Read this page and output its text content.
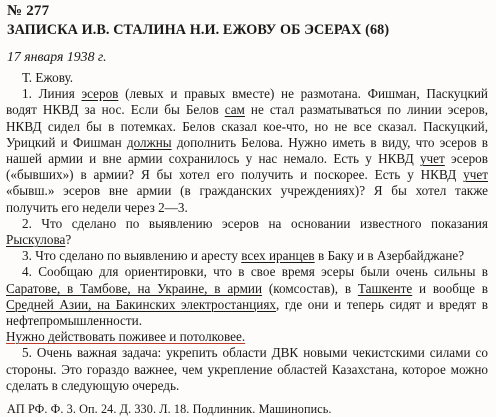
№ 277
ЗАПИСКА И.В. СТАЛИНА Н.И. ЕЖОВУ ОБ ЭСЕРАХ (68)
17 января 1938 г.
Т. Ежову.

1. Линия эсеров (левых и правых вместе) не размотана. Фишман, Паскуцкий водят НКВД за нос. Если бы Белов сам не стал разматываться по линии эсеров, НКВД сидел бы в потемках. Белов сказал кое-что, но не все сказал. Паскуцкий, Урицкий и Фишман должны дополнить Белова. Нужно иметь в виду, что эсеров в нашей армии и вне армии сохранилось у нас немало. Есть у НКВД учет эсеров («бывших») в армии? Я бы хотел его получить и поскорее. Есть у НКВД учет «бывш.» эсеров вне армии (в гражданских учреждениях)? Я бы хотел также получить его недели через 2—3.

2. Что сделано по выявлению эсеров на основании известного показания Рыскулова?

3. Что сделано по выявлению и аресту всех иранцев в Баку и в Азербайджане?

4. Сообщаю для ориентировки, что в свое время эсеры были очень сильны в Саратове, в Тамбове, на Украине, в армии (комсостав), в Ташкенте и вообще в Средней Азии, на Бакинских электростанциях, где они и теперь сидят и вредят в нефтепромышленности.

Нужно действовать поживее и потолковее.

5. Очень важная задача: укрепить области ДВК новыми чекистскими силами со стороны. Это гораздо важнее, чем укрепление областей Казахстана, которое можно сделать в следующую очередь.

АП РФ. Ф. 3. Оп. 24. Д. 330. Л. 18. Подлинник. Машинопись.
